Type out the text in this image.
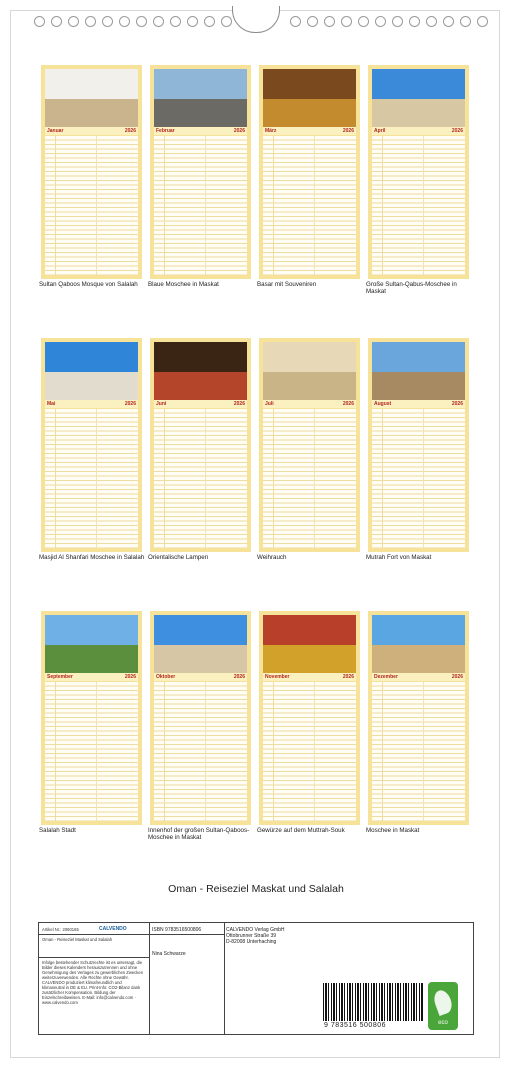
Januar	2026
Sultan Qaboos Mosque von Salalah
Februar	2026
Blaue Moschee in Maskat
März	2026
Basar mit Souveniren
April	2026
Große Sultan-Qabus-Moschee in Maskat
Mai	2026
Masjid Al Shanfari Moschee in Salalah
Juni	2026
Orientalische Lampen
Juli	2026
Weihrauch
August	2026
Mutrah Fort von Maskat
September	2026
Salalah Stadt
Oktober	2026
Innenhof der großen Sultan-Qaboos-Moschee in Maskat
November	2026
Gewürze auf dem Muttrah-Souk
Dezember	2026
Moschee in Maskat
Oman - Reiseziel Maskat und Salalah
Artikel Nr.: 2060165	CALVENDO
Oman - Reiseziel Maskat und Salalah
Infolge bestehender Schutzrechte ist es untersagt, die Bilder dieses Kalenders herauszutrennen und ohne Genehmigung des Verlages zu gewerblichen Zwecken weiterzuverwenden. Alle Rechte ohne Gewähr. CALVENDO produziert klimafreundlich und klimaneutral in DE & EU. Print-Info: CO2-Bilanz dank zusätzlicher Kompensation. Bildung der Einzelschreibweisen. E-Mail: info@calvendo.com · www.calvendo.com
ISBN 9783516500806
Nina Schwarze
CALVENDO Verlag GmbH
Ottobrunner Straße 39
D-82008 Unterhaching
9 783516 500806	eco
